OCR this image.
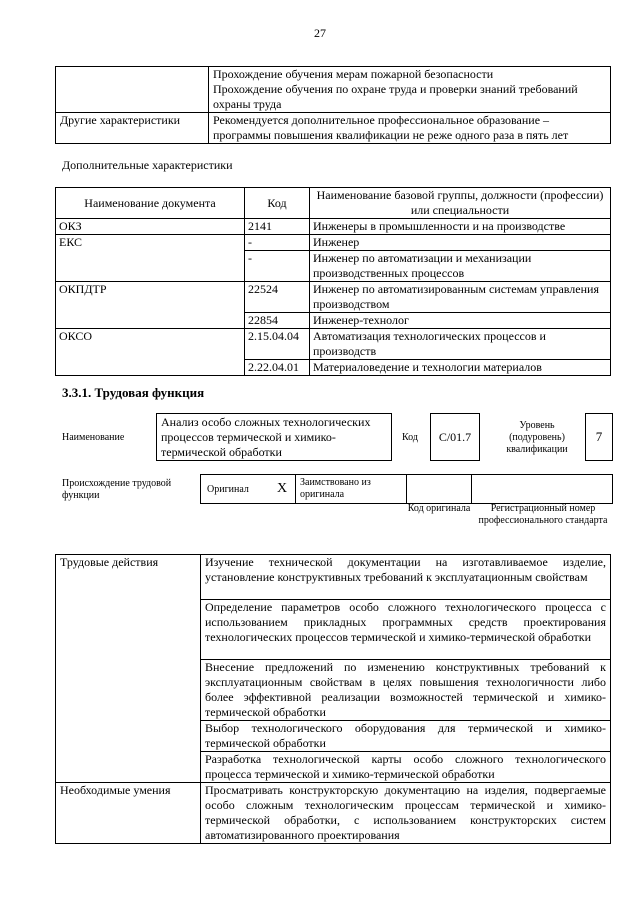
27

	Прохождение обучения мерам пожарной безопасности
Прохождение обучения по охране труда и проверки знаний требований охраны труда

Другие характеристики	Рекомендуется дополнительное профессиональное образование – программы повышения квалификации не реже одного раза в пять лет
Дополнительные характеристики
Наименование документа	Код	Наименование базовой группы, должности (профессии) или специальности
ОКЗ	2141	Инженеры в промышленности и на производстве
ЕКС	-	Инженер
	-	Инженер по автоматизации и механизации производственных процессов
ОКПДТР	22524	Инженер по автоматизированным системам управления производством
	22854	Инженер-технолог
ОКСО	2.15.04.04	Автоматизация технологических процессов и производств
	2.22.04.01	Материаловедение и технологии материалов
3.3.1. Трудовая функция
Наименование
Анализ особо сложных технологических процессов термической и химико-термической обработки
Код	С/01.7
Уровень (подуровень) квалификации
7
Происхождение трудовой функции
Оригинал X Заимствовано из оригинала
Код оригинала	Регистрационный номер профессионального стандарта
Трудовые действия	Изучение технической документации на изготавливаемое изделие, установление конструктивных требований к эксплуатационным свойствам
	Определение параметров особо сложного технологического процесса с использованием прикладных программных средств проектирования технологических процессов термической и химико-термической обработки
	Внесение предложений по изменению конструктивных требований к эксплуатационным свойствам в целях повышения технологичности либо более эффективной реализации возможностей термической и химико-термической обработки
	Выбор технологического оборудования для термической и химико-термической обработки
	Разработка технологической карты особо сложного технологического процесса термической и химико-термической обработки
Необходимые умения	Просматривать конструкторскую документацию на изделия, подвергаемые особо сложным технологическим процессам термической и химико-термической обработки, с использованием конструкторских систем автоматизированного проектирования
